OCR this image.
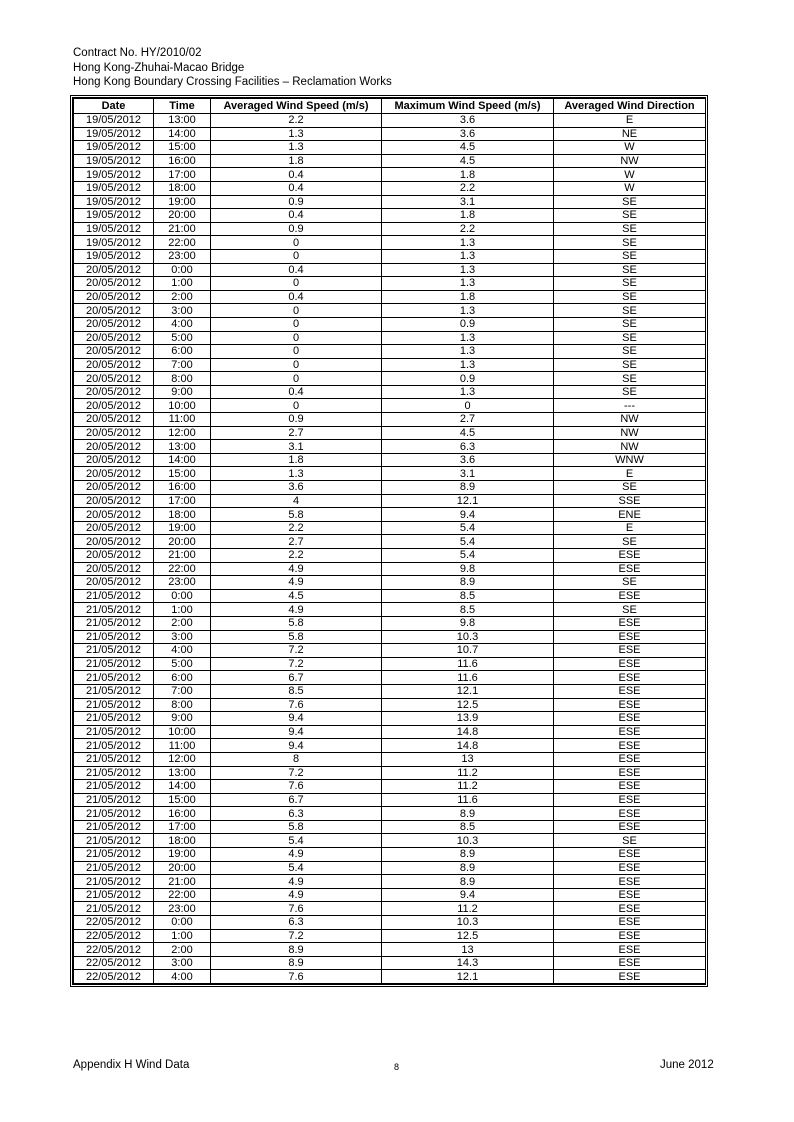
Contract No. HY/2010/02
Hong Kong-Zhuhai-Macao Bridge
Hong Kong Boundary Crossing Facilities – Reclamation Works
Date	Time	Averaged Wind Speed (m/s)	Maximum Wind Speed (m/s)	Averaged Wind Direction
19/05/2012	13:00	2.2	3.6	E
19/05/2012	14:00	1.3	3.6	NE
19/05/2012	15:00	1.3	4.5	W
19/05/2012	16:00	1.8	4.5	NW
19/05/2012	17:00	0.4	1.8	W
19/05/2012	18:00	0.4	2.2	W
19/05/2012	19:00	0.9	3.1	SE
19/05/2012	20:00	0.4	1.8	SE
19/05/2012	21:00	0.9	2.2	SE
19/05/2012	22:00	0	1.3	SE
19/05/2012	23:00	0	1.3	SE
20/05/2012	0:00	0.4	1.3	SE
20/05/2012	1:00	0	1.3	SE
20/05/2012	2:00	0.4	1.8	SE
20/05/2012	3:00	0	1.3	SE
20/05/2012	4:00	0	0.9	SE
20/05/2012	5:00	0	1.3	SE
20/05/2012	6:00	0	1.3	SE
20/05/2012	7:00	0	1.3	SE
20/05/2012	8:00	0	0.9	SE
20/05/2012	9:00	0.4	1.3	SE
20/05/2012	10:00	0	0	---
20/05/2012	11:00	0.9	2.7	NW
20/05/2012	12:00	2.7	4.5	NW
20/05/2012	13:00	3.1	6.3	NW
20/05/2012	14:00	1.8	3.6	WNW
20/05/2012	15:00	1.3	3.1	E
20/05/2012	16:00	3.6	8.9	SE
20/05/2012	17:00	4	12.1	SSE
20/05/2012	18:00	5.8	9.4	ENE
20/05/2012	19:00	2.2	5.4	E
20/05/2012	20:00	2.7	5.4	SE
20/05/2012	21:00	2.2	5.4	ESE
20/05/2012	22:00	4.9	9.8	ESE
20/05/2012	23:00	4.9	8.9	SE
21/05/2012	0:00	4.5	8.5	ESE
21/05/2012	1:00	4.9	8.5	SE
21/05/2012	2:00	5.8	9.8	ESE
21/05/2012	3:00	5.8	10.3	ESE
21/05/2012	4:00	7.2	10.7	ESE
21/05/2012	5:00	7.2	11.6	ESE
21/05/2012	6:00	6.7	11.6	ESE
21/05/2012	7:00	8.5	12.1	ESE
21/05/2012	8:00	7.6	12.5	ESE
21/05/2012	9:00	9.4	13.9	ESE
21/05/2012	10:00	9.4	14.8	ESE
21/05/2012	11:00	9.4	14.8	ESE
21/05/2012	12:00	8	13	ESE
21/05/2012	13:00	7.2	11.2	ESE
21/05/2012	14:00	7.6	11.2	ESE
21/05/2012	15:00	6.7	11.6	ESE
21/05/2012	16:00	6.3	8.9	ESE
21/05/2012	17:00	5.8	8.5	ESE
21/05/2012	18:00	5.4	10.3	SE
21/05/2012	19:00	4.9	8.9	ESE
21/05/2012	20:00	5.4	8.9	ESE
21/05/2012	21:00	4.9	8.9	ESE
21/05/2012	22:00	4.9	9.4	ESE
21/05/2012	23:00	7.6	11.2	ESE
22/05/2012	0:00	6.3	10.3	ESE
22/05/2012	1:00	7.2	12.5	ESE
22/05/2012	2:00	8.9	13	ESE
22/05/2012	3:00	8.9	14.3	ESE
22/05/2012	4:00	7.6	12.1	ESE
Appendix H Wind Data	8	June 2012
